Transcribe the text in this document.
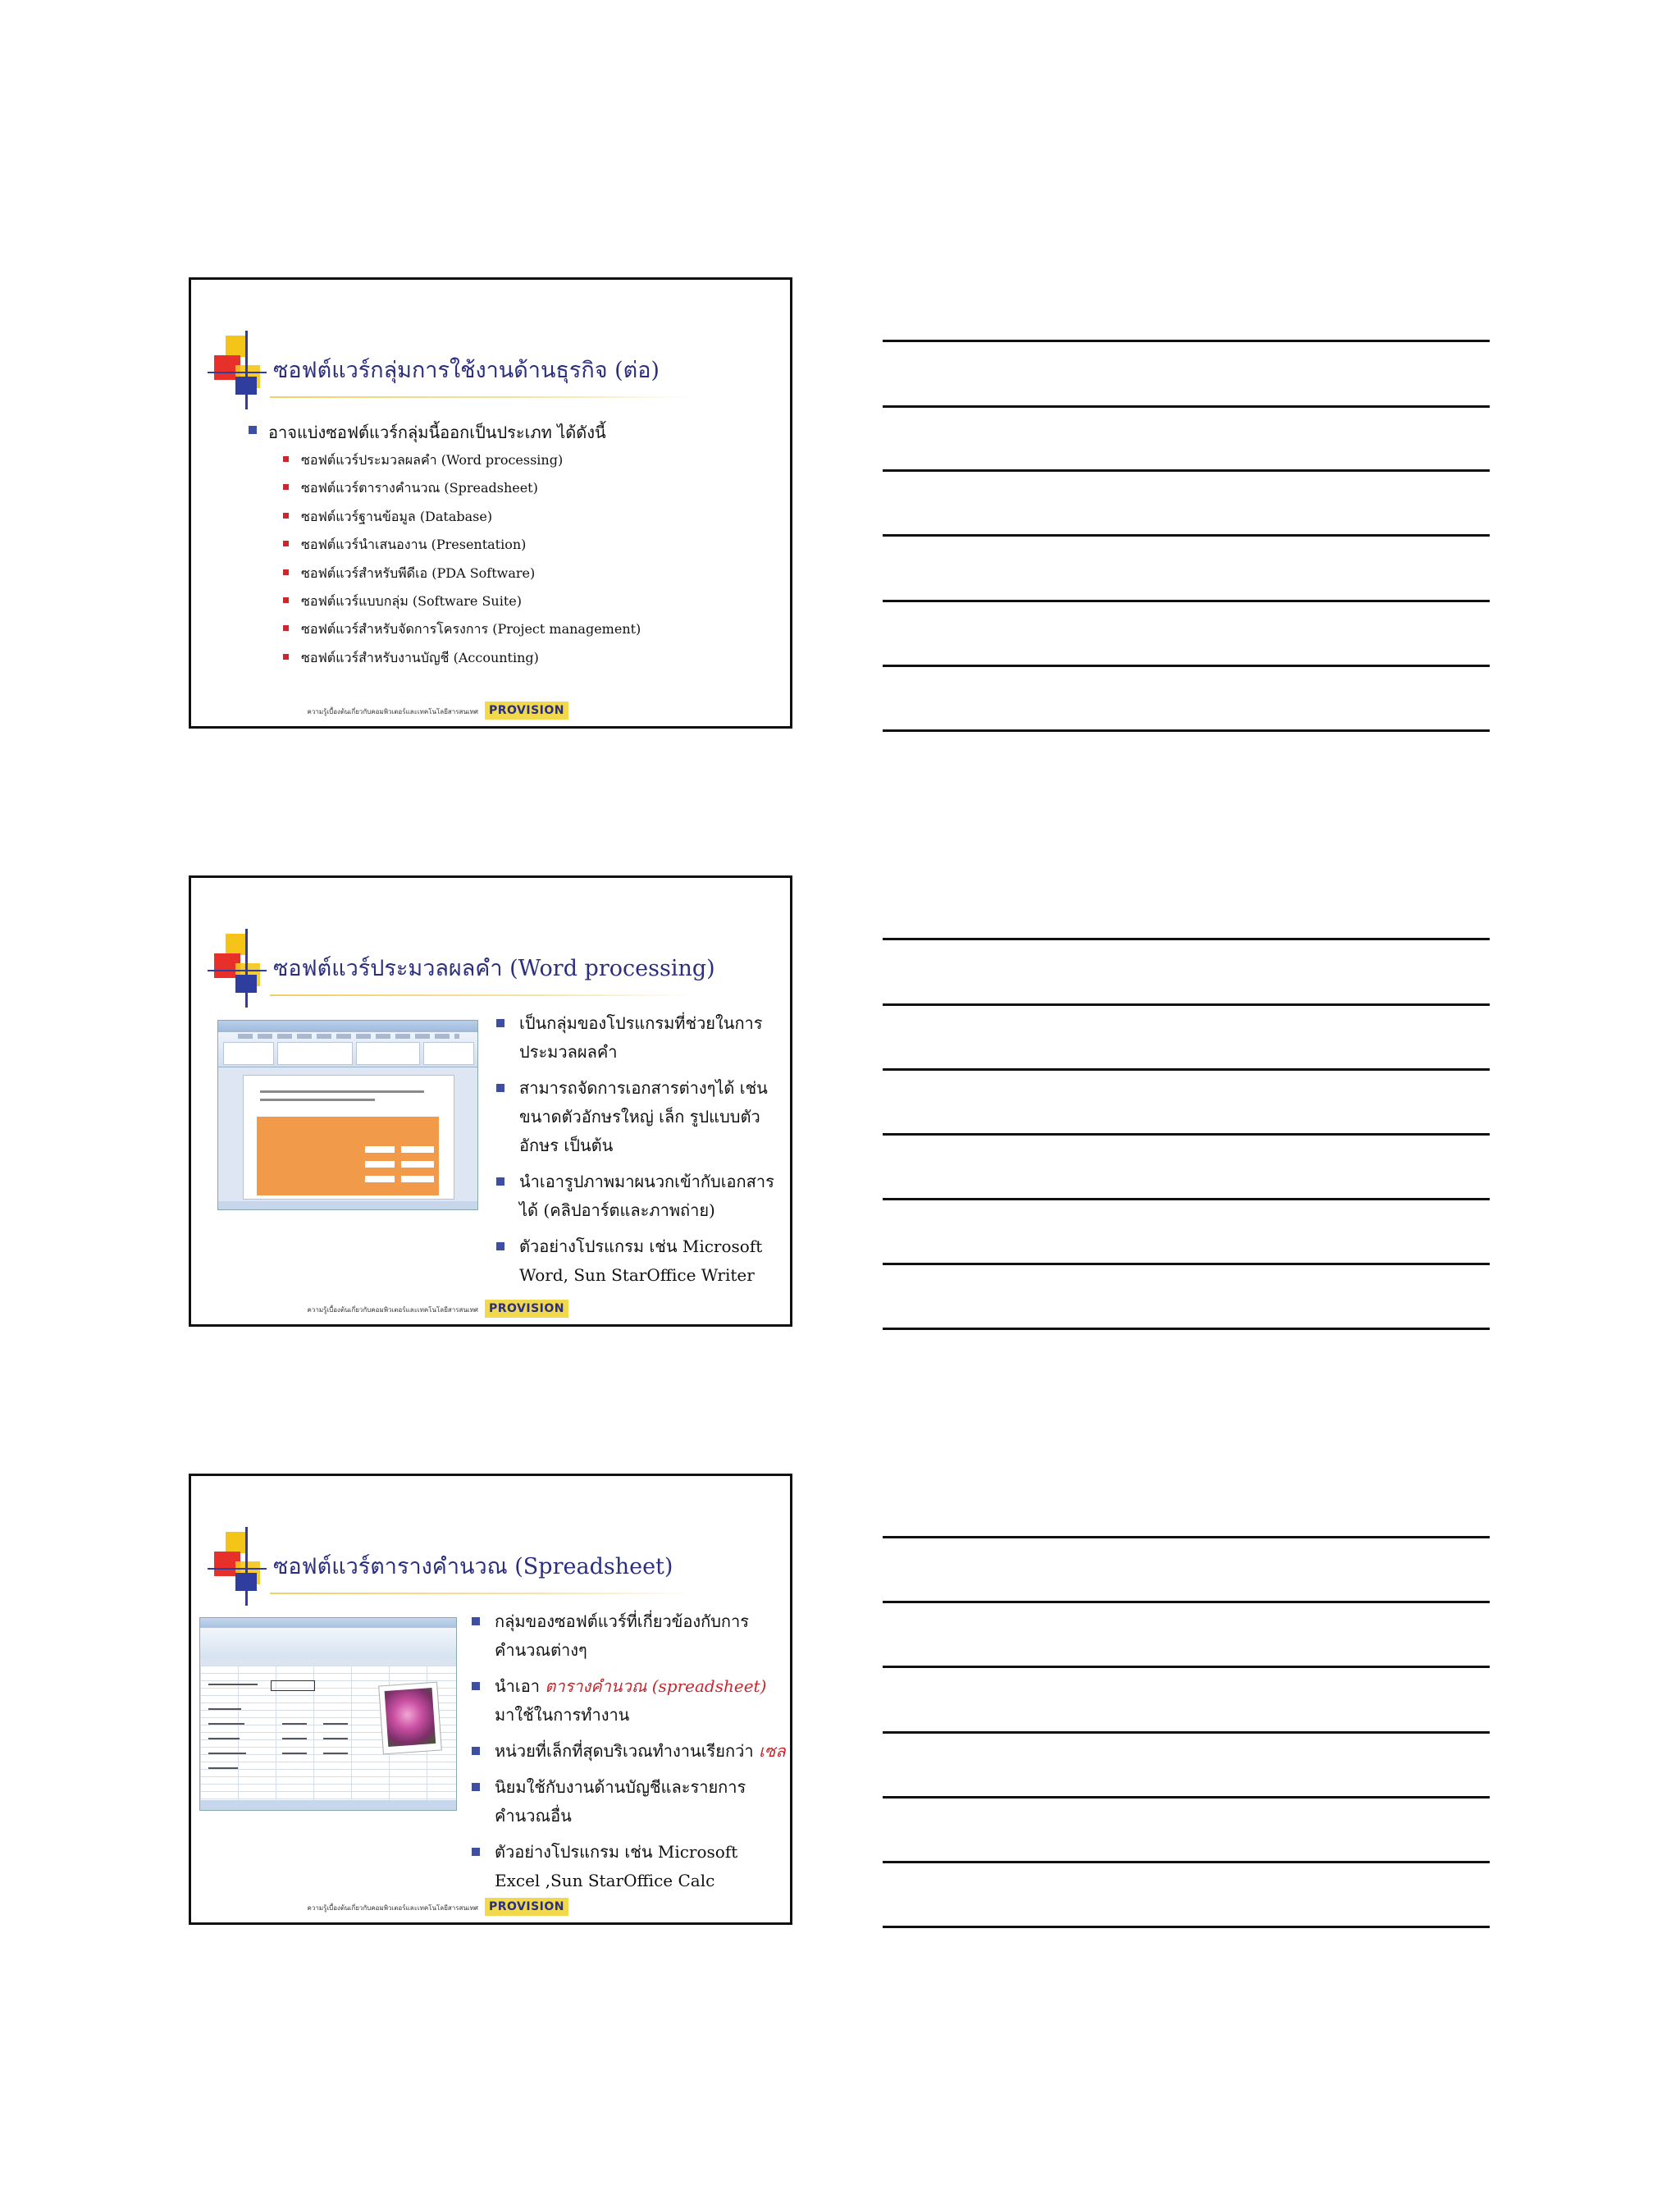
ซอฟต์แวร์กลุ่มการใช้งานด้านธุรกิจ (ต่อ)
อาจแบ่งซอฟต์แวร์กลุ่มนี้ออกเป็นประเภท ได้ดังนี้
ซอฟต์แวร์ประมวลผลคำ (Word processing)
ซอฟต์แวร์ตารางคำนวณ (Spreadsheet)
ซอฟต์แวร์ฐานข้อมูล (Database)
ซอฟต์แวร์นำเสนองาน (Presentation)
ซอฟต์แวร์สำหรับพีดีเอ (PDA Software)
ซอฟต์แวร์แบบกลุ่ม (Software Suite)
ซอฟต์แวร์สำหรับจัดการโครงการ (Project management)
ซอฟต์แวร์สำหรับงานบัญชี (Accounting)
ความรู้เบื้องต้นเกี่ยวกับคอมพิวเตอร์และเทคโนโลยีสารสนเทศ PROVISION
ซอฟต์แวร์ประมวลผลคำ (Word processing)
เป็นกลุ่มของโปรแกรมที่ช่วยในการประมวลผลคำ
สามารถจัดการเอกสารต่างๆได้ เช่น ขนาดตัวอักษรใหญ่ เล็ก รูปแบบตัวอักษร เป็นต้น
นำเอารูปภาพมาผนวกเข้ากับเอกสารได้ (คลิปอาร์ตและภาพถ่าย)
ตัวอย่างโปรแกรม เช่น Microsoft Word, Sun StarOffice Writer
ความรู้เบื้องต้นเกี่ยวกับคอมพิวเตอร์และเทคโนโลยีสารสนเทศ PROVISION
ซอฟต์แวร์ตารางคำนวณ (Spreadsheet)
กลุ่มของซอฟต์แวร์ที่เกี่ยวข้องกับการคำนวณต่างๆ
นำเอา ตารางคำนวณ (spreadsheet) มาใช้ในการทำงาน
หน่วยที่เล็กที่สุดบริเวณทำงานเรียกว่า เซล
นิยมใช้กับงานด้านบัญชีและรายการคำนวณอื่น
ตัวอย่างโปรแกรม เช่น Microsoft Excel ,Sun StarOffice Calc
ความรู้เบื้องต้นเกี่ยวกับคอมพิวเตอร์และเทคโนโลยีสารสนเทศ PROVISION
